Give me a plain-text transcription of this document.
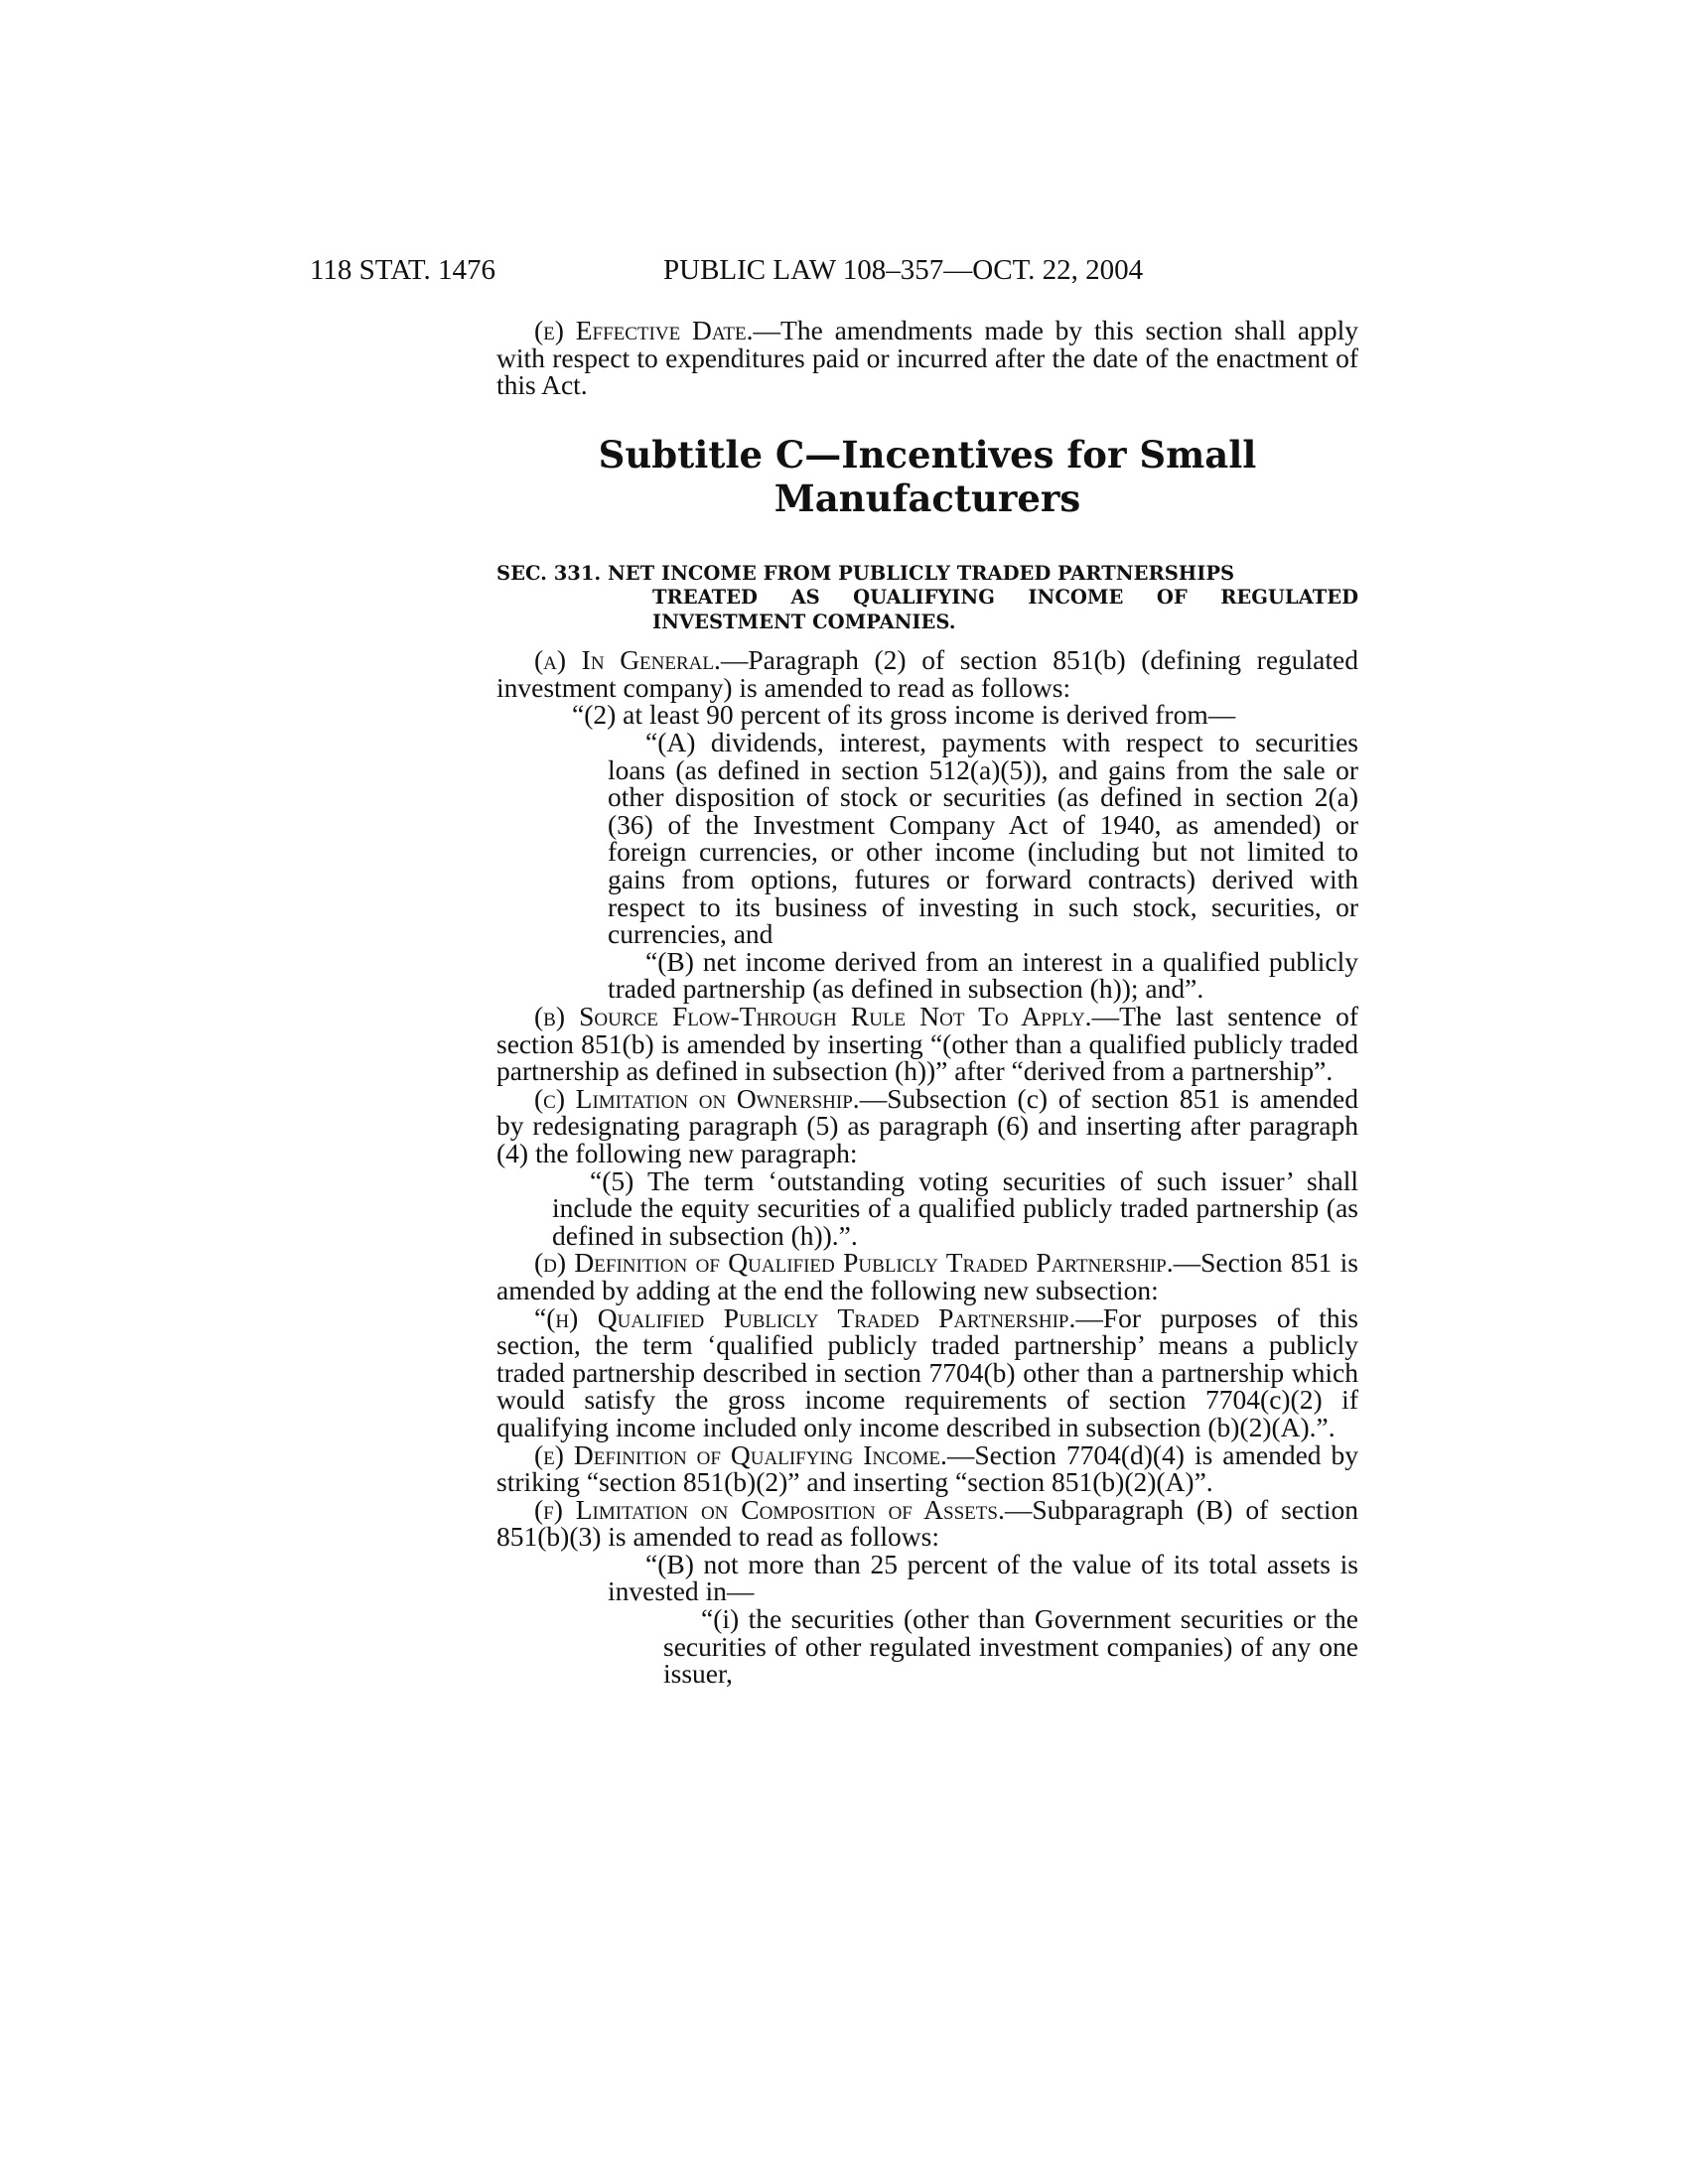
118 STAT. 1476	PUBLIC LAW 108–357—OCT. 22, 2004

(e) Effective Date.—The amendments made by this section shall apply with respect to expenditures paid or incurred after the date of the enactment of this Act.

Subtitle C—Incentives for Small
Manufacturers
SEC. 331. NET INCOME FROM PUBLICLY TRADED PARTNERSHIPS
TREATED AS QUALIFYING INCOME OF REGULATED INVESTMENT COMPANIES.

(a) In General.—Paragraph (2) of section 851(b) (defining regulated investment company) is amended to read as follows:

“(2) at least 90 percent of its gross income is derived from—

“(A) dividends, interest, payments with respect to securities loans (as defined in section 512(a)(5)), and gains from the sale or other disposition of stock or securities (as defined in section 2(a)(36) of the Investment Company Act of 1940, as amended) or foreign currencies, or other income (including but not limited to gains from options, futures or forward contracts) derived with respect to its business of investing in such stock, securities, or currencies, and

“(B) net income derived from an interest in a qualified publicly traded partnership (as defined in subsection (h)); and”.

(b) Source Flow-Through Rule Not To Apply.—The last sentence of section 851(b) is amended by inserting “(other than a qualified publicly traded partnership as defined in subsection (h))” after “derived from a partnership”.

(c) Limitation on Ownership.—Subsection (c) of section 851 is amended by redesignating paragraph (5) as paragraph (6) and inserting after paragraph (4) the following new paragraph:

“(5) The term ‘outstanding voting securities of such issuer’ shall include the equity securities of a qualified publicly traded partnership (as defined in subsection (h)).”.

(d) Definition of Qualified Publicly Traded Partnership.—Section 851 is amended by adding at the end the following new subsection:

“(h) Qualified Publicly Traded Partnership.—For purposes of this section, the term ‘qualified publicly traded partnership’ means a publicly traded partnership described in section 7704(b) other than a partnership which would satisfy the gross income requirements of section 7704(c)(2) if qualifying income included only income described in subsection (b)(2)(A).”.

(e) Definition of Qualifying Income.—Section 7704(d)(4) is amended by striking “section 851(b)(2)” and inserting “section 851(b)(2)(A)”.

(f) Limitation on Composition of Assets.—Subparagraph (B) of section 851(b)(3) is amended to read as follows:

“(B) not more than 25 percent of the value of its total assets is invested in—

“(i) the securities (other than Government securities or the securities of other regulated investment companies) of any one issuer,
